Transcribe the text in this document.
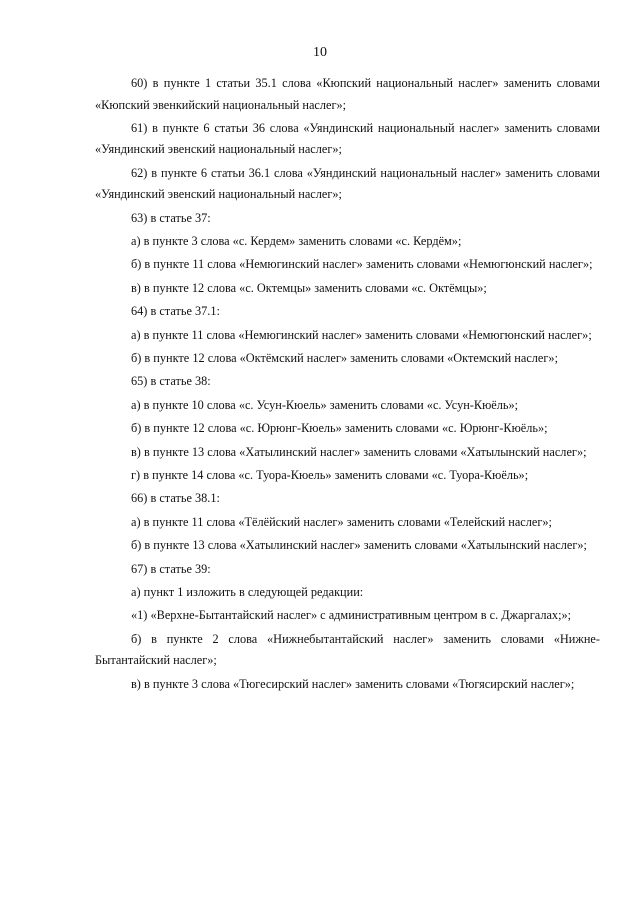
10

60) в пункте 1 статьи 35.1 слова «Кюпский национальный наслег» заменить словами «Кюпский эвенкийский национальный наслег»;

61) в пункте 6 статьи 36 слова «Уяндинский национальный наслег» заменить словами «Уяндинский эвенский национальный наслег»;

62) в пункте 6 статьи 36.1 слова «Уяндинский национальный наслег» заменить словами «Уяндинский эвенский национальный наслег»;

63) в статье 37:

а) в пункте 3 слова «с. Кердем» заменить словами «с. Кердём»;

б) в пункте 11 слова «Немюгинский наслег» заменить словами «Немюгюнский наслег»;

в) в пункте 12 слова «с. Октемцы» заменить словами «с. Октёмцы»;

64) в статье 37.1:

а) в пункте 11 слова «Немюгинский наслег» заменить словами «Немюгюнский наслег»;

б) в пункте 12 слова «Октёмский наслег» заменить словами «Октемский наслег»;

65) в статье 38:

а) в пункте 10 слова «с. Усун-Кюель» заменить словами «с. Усун-Кюёль»;

б) в пункте 12 слова «с. Юрюнг-Кюель» заменить словами «с. Юрюнг-Кюёль»;

в) в пункте 13 слова «Хатылинский наслег» заменить словами «Хатылынский наслег»;

г) в пункте 14 слова «с. Туора-Кюель» заменить словами «с. Туора-Кюёль»;

66) в статье 38.1:

а) в пункте 11 слова «Тёлёйский наслег» заменить словами «Телейский наслег»;

б) в пункте 13 слова «Хатылинский наслег» заменить словами «Хатылынский наслег»;

67) в статье 39:

а) пункт 1 изложить в следующей редакции:

«1) «Верхне-Бытантайский наслег» с административным центром в с. Джаргалах;»;

б) в пункте 2 слова «Нижнебытантайский наслег» заменить словами «Нижне-Бытантайский наслег»;

в) в пункте 3 слова «Тюгесирский наслег» заменить словами «Тюгясирский наслег»;
